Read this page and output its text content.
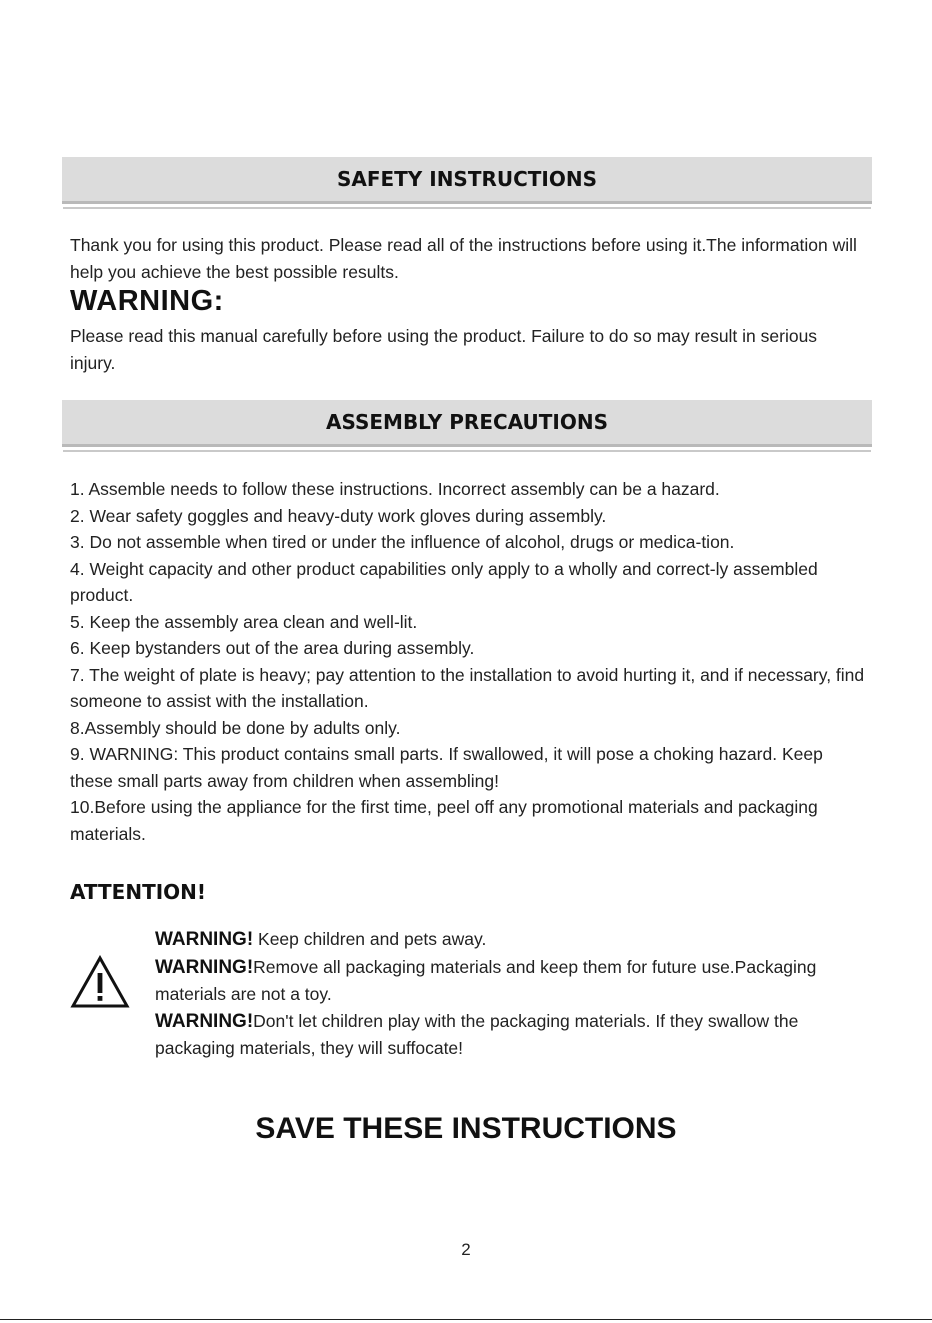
SAFETY INSTRUCTIONS

Thank you for using this product. Please read all of the instructions before using it.The information will help you achieve the best possible results.

WARNING:

Please read this manual carefully before using the product. Failure to do so may result in serious injury.

ASSEMBLY PRECAUTIONS
1. Assemble needs to follow these instructions. Incorrect assembly can be a hazard.
2. Wear safety goggles and heavy-duty work gloves during assembly.
3. Do not assemble when tired or under the influence of alcohol, drugs or medica-tion.
4. Weight capacity and other product capabilities only apply to a wholly and correct-ly assembled product.
5. Keep the assembly area clean and well-lit.
6. Keep bystanders out of the area during assembly.
7. The weight of plate is heavy; pay attention to the installation to avoid hurting it, and if necessary, find someone to assist with the installation.
8.Assembly should be done by adults only.
9. WARNING: This product contains small parts. If swallowed, it will pose a choking hazard. Keep these small parts away from children when assembling!
10.Before using the appliance for the first time, peel off any promotional materials and packaging materials.

ATTENTION!

WARNING! Keep children and pets away.

WARNING!Remove all packaging materials and keep them for future use.Packaging materials are not a toy.

WARNING!Don't let children play with the packaging materials. If they swallow the packaging materials, they will suffocate!

SAVE THESE INSTRUCTIONS

2
